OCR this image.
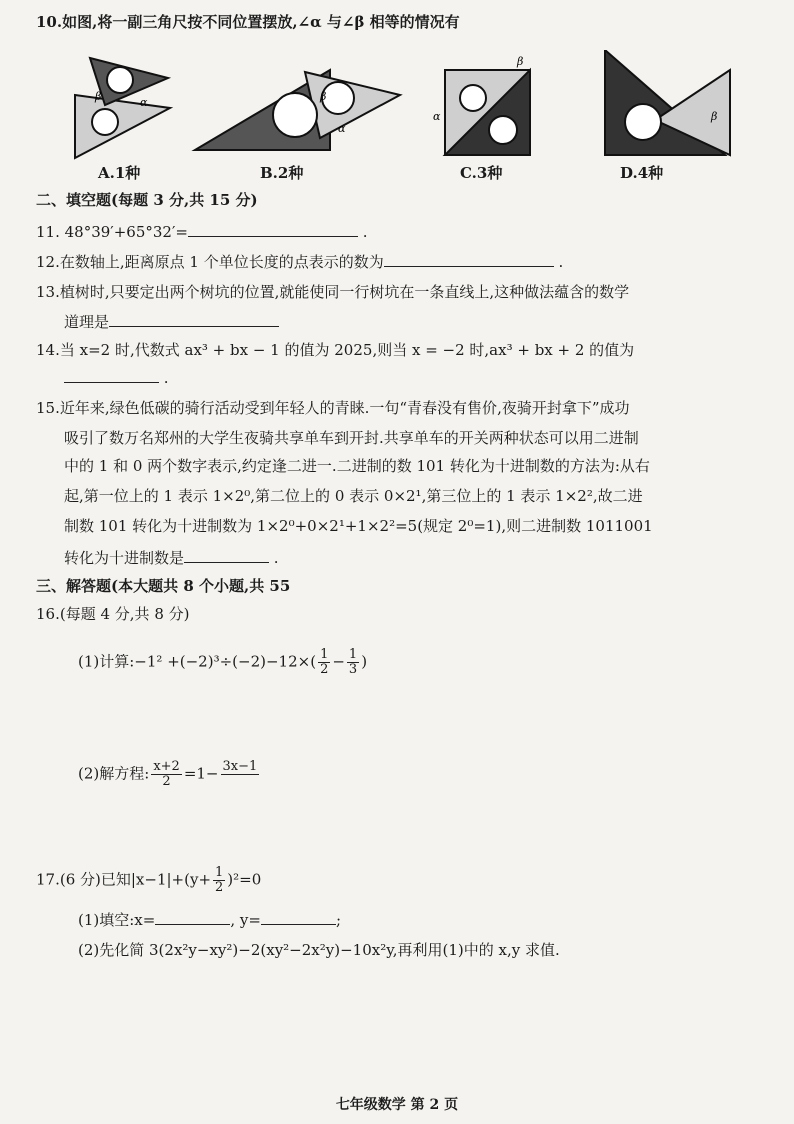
10.如图,将一副三角尺按不同位置摆放,∠α 与∠β 相等的情况有
β	α
A.1种
β
α
B.2种
α
β
C.3种
β
D.4种
二、填空题(每题 3 分,共 15 分)
11. 48°39′+65°32′=	.
12.在数轴上,距离原点 1 个单位长度的点表示的数为	.
13.植树时,只要定出两个树坑的位置,就能使同一行树坑在一条直线上,这种做法蕴含的数学
道理是
14.当 x=2 时,代数式 ax³ + bx − 1 的值为 2025,则当 x = −2 时,ax³ + bx + 2 的值为
.
15.近年来,绿色低碳的骑行活动受到年轻人的青睐.一句“青春没有售价,夜骑开封拿下”成功
吸引了数万名郑州的大学生夜骑共享单车到开封.共享单车的开关两种状态可以用二进制
中的 1 和 0 两个数字表示,约定逢二进一.二进制的数 101 转化为十进制数的方法为:从右
起,第一位上的 1 表示 1×2⁰,第二位上的 0 表示 0×2¹,第三位上的 1 表示 1×2²,故二进
制数 101 转化为十进制数为 1×2⁰+0×2¹+1×2²=5(规定 2⁰=1),则二进制数 1011001
转化为十进制数是	.
三、解答题(本大题共 8 个小题,共 55
16.(每题 4 分,共 8 分)
(1)计算:−1² $+(-2)^3\div(-2)-12\times( \frac{1}{2} - \frac{1}{3}$ )
(2)解方程: $\frac{x+2}{2} =1- 3x-1$

17.(6 分)已知$|x-1|+(y+ \frac{1}{2} )^2=0$
(1)填空:x=	, y=	;
(2)先化简 3(2x²y−xy²)−2(xy²−2x²y)−10x²y,再利用(1)中的 x,y 求值.
七年级数学 第 2 页
